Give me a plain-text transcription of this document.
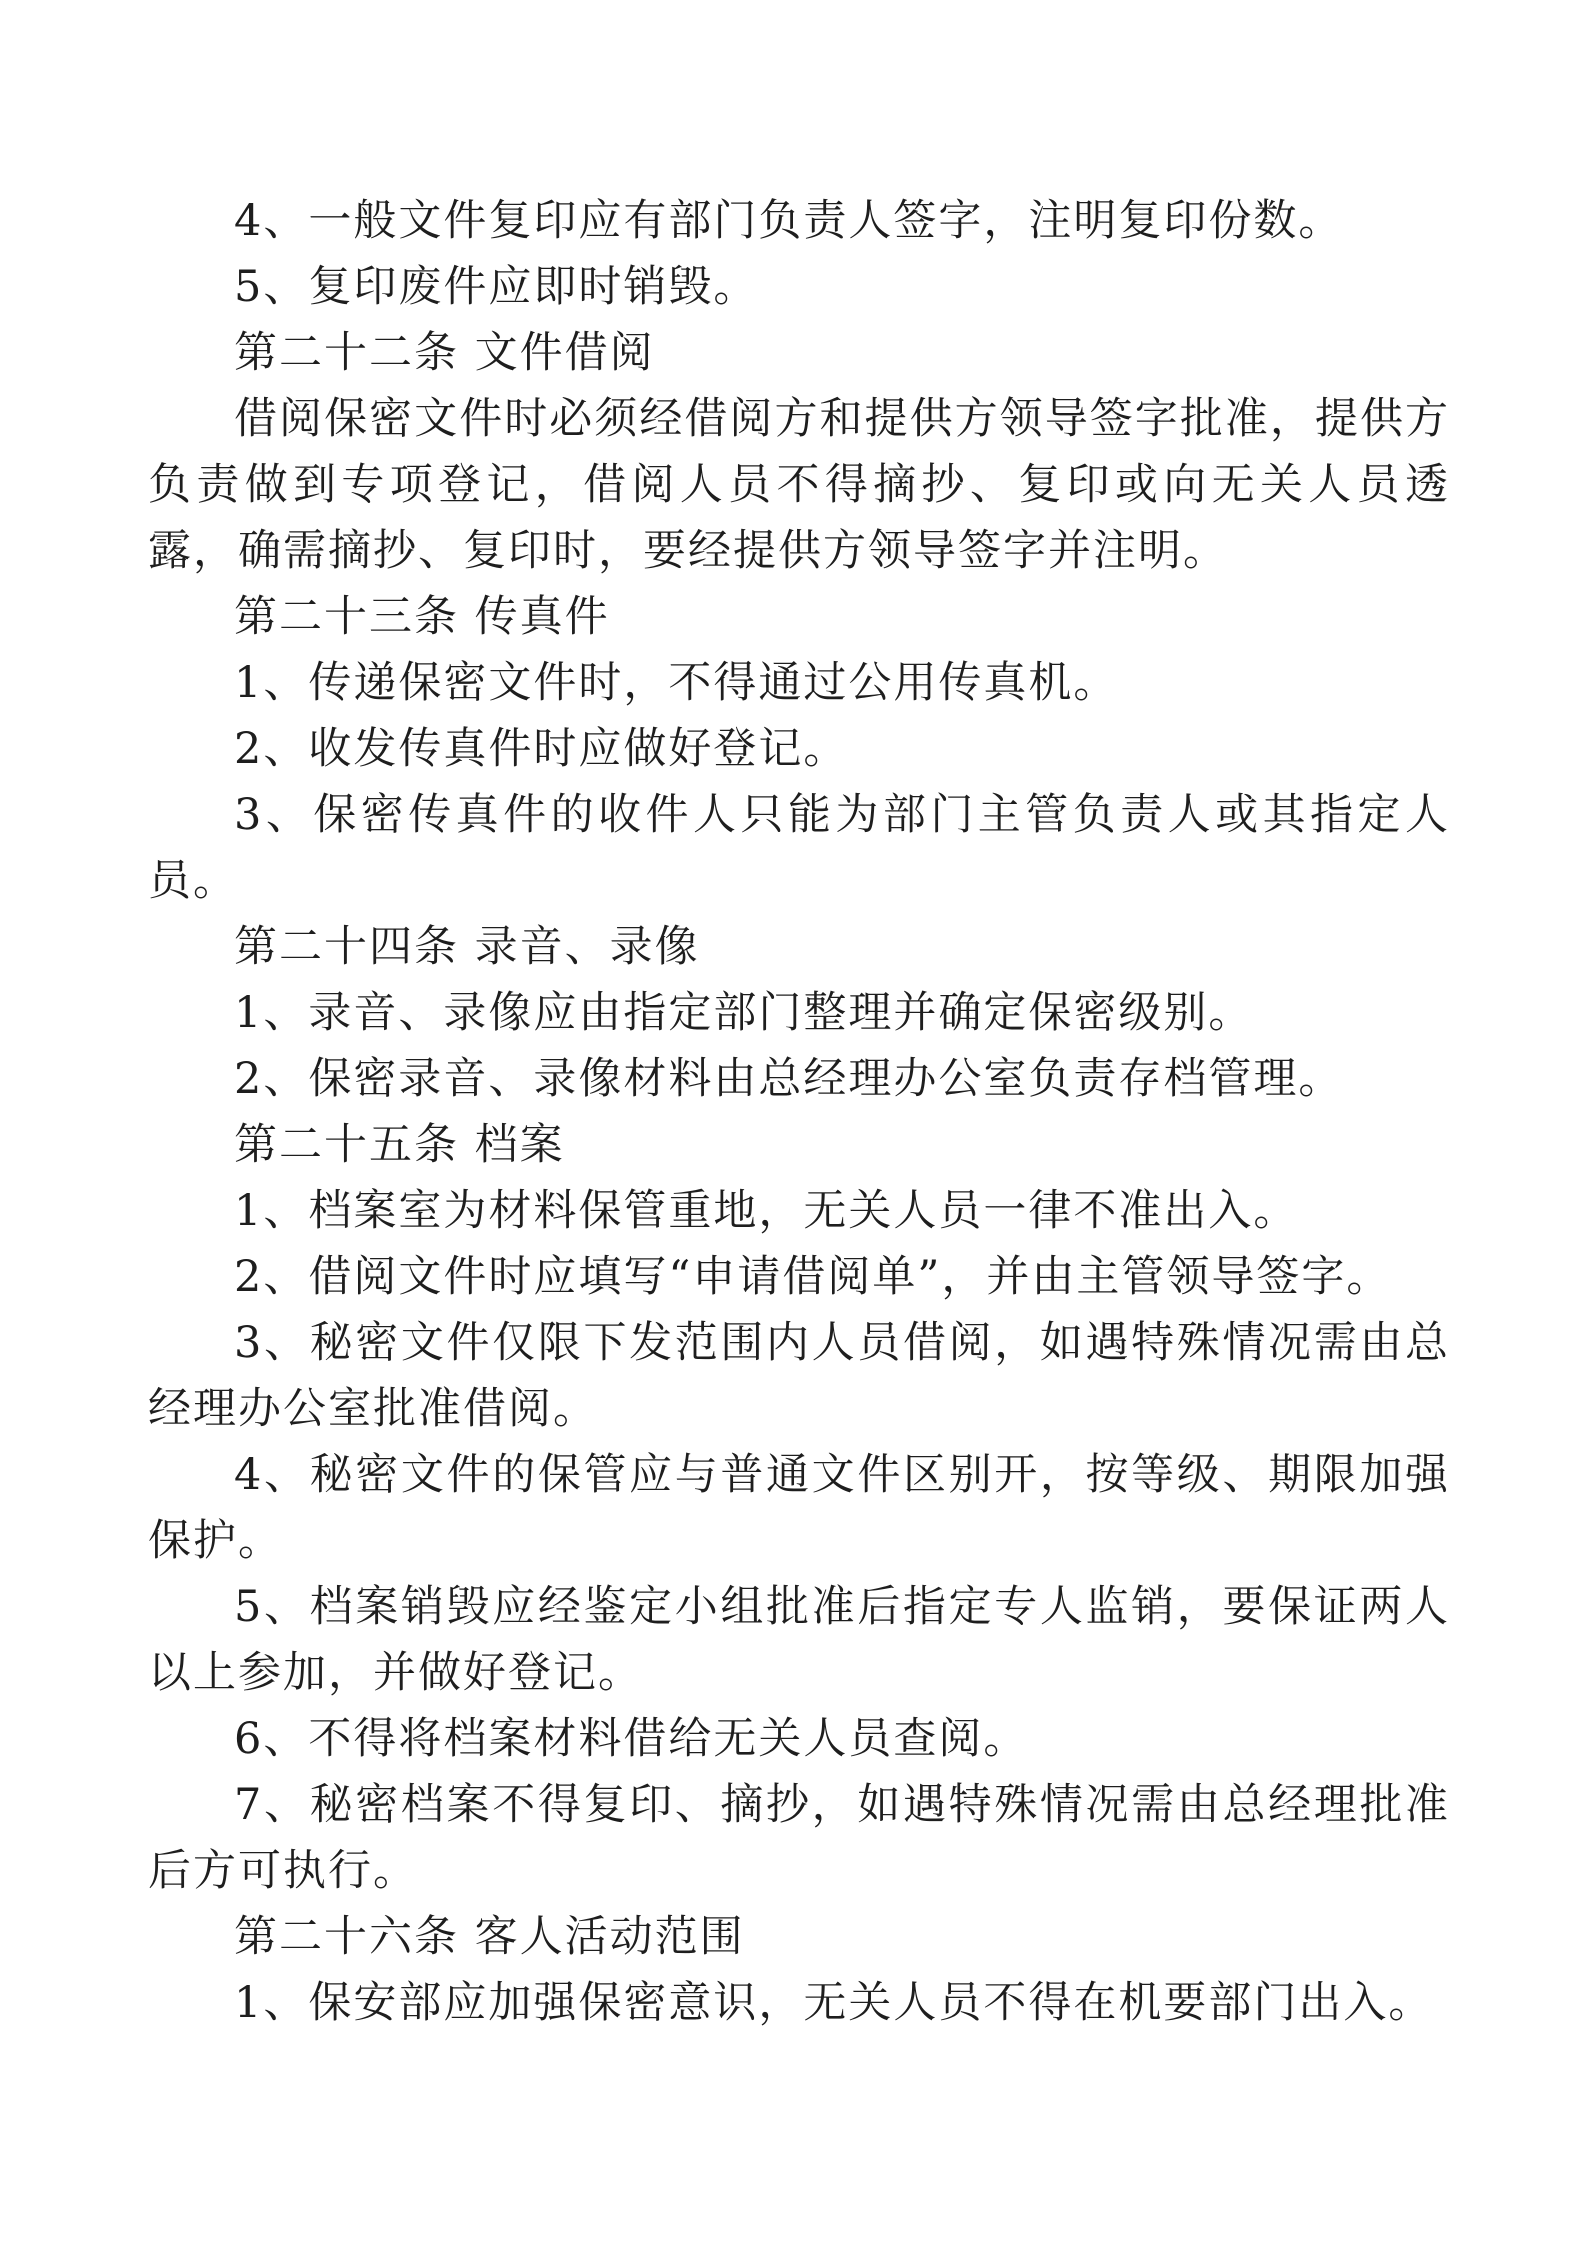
4、一般文件复印应有部门负责人签字，注明复印份数。

5、复印废件应即时销毁。

第二十二条 文件借阅

借阅保密文件时必须经借阅方和提供方领导签字批准，提供方负责做到专项登记，借阅人员不得摘抄、复印或向无关人员透露，确需摘抄、复印时，要经提供方领导签字并注明。

第二十三条 传真件

1、传递保密文件时，不得通过公用传真机。

2、收发传真件时应做好登记。

3、保密传真件的收件人只能为部门主管负责人或其指定人员。

第二十四条 录音、录像

1、录音、录像应由指定部门整理并确定保密级别。

2、保密录音、录像材料由总经理办公室负责存档管理。

第二十五条 档案

1、档案室为材料保管重地，无关人员一律不准出入。

2、借阅文件时应填写“申请借阅单”，并由主管领导签字。

3、秘密文件仅限下发范围内人员借阅，如遇特殊情况需由总经理办公室批准借阅。

4、秘密文件的保管应与普通文件区别开，按等级、期限加强保护。

5、档案销毁应经鉴定小组批准后指定专人监销，要保证两人以上参加，并做好登记。

6、不得将档案材料借给无关人员查阅。

7、秘密档案不得复印、摘抄，如遇特殊情况需由总经理批准后方可执行。

第二十六条 客人活动范围

1、保安部应加强保密意识，无关人员不得在机要部门出入。
